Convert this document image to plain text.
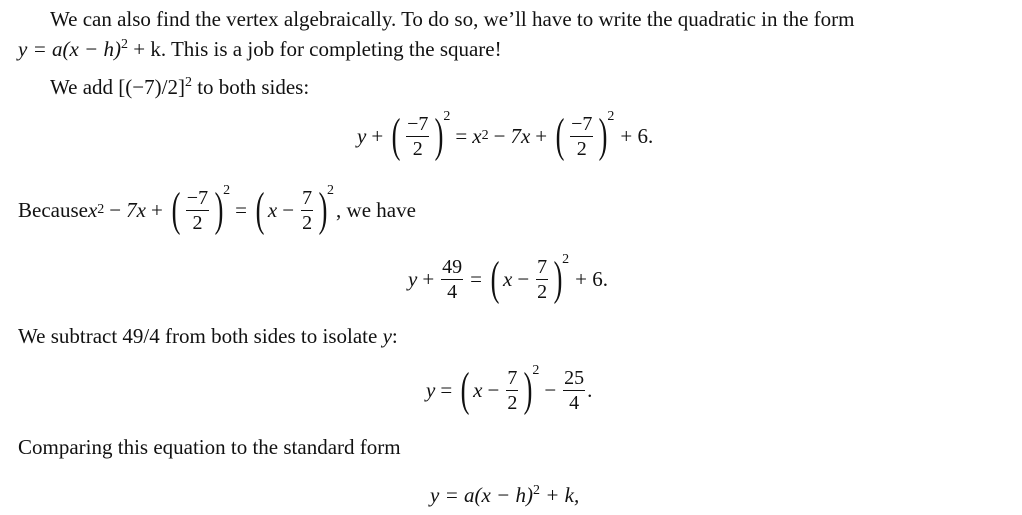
We can also find the vertex algebraically. To do so, we’ll have to write the quadratic in the form
$y = a(x - h)^2 + k$. This is a job for completing the square!
We add $[(-7)/2]^2$ to both sides:
y + ( $\frac{-7}{2}$ ) 2
= x 2 − 7x + ( $\frac{-7}{2}$ ) 2
+ 6.
Because x 2 − 7x + ( $\frac{-7}{2}$ ) 2
= ( $x - \frac{7}{2}$ ) 2
, we have
$y + \frac{49}{4}$ = ( $x - \frac{7}{2}$ ) 2
+ 6.
We subtract 49/4 from both sides to isolate y:
y = ( $x - \frac{7}{2}$ ) 2
− $\frac{25}{4}$ .
Comparing this equation to the standard form
$y = a(x - h)^2 + k$,
